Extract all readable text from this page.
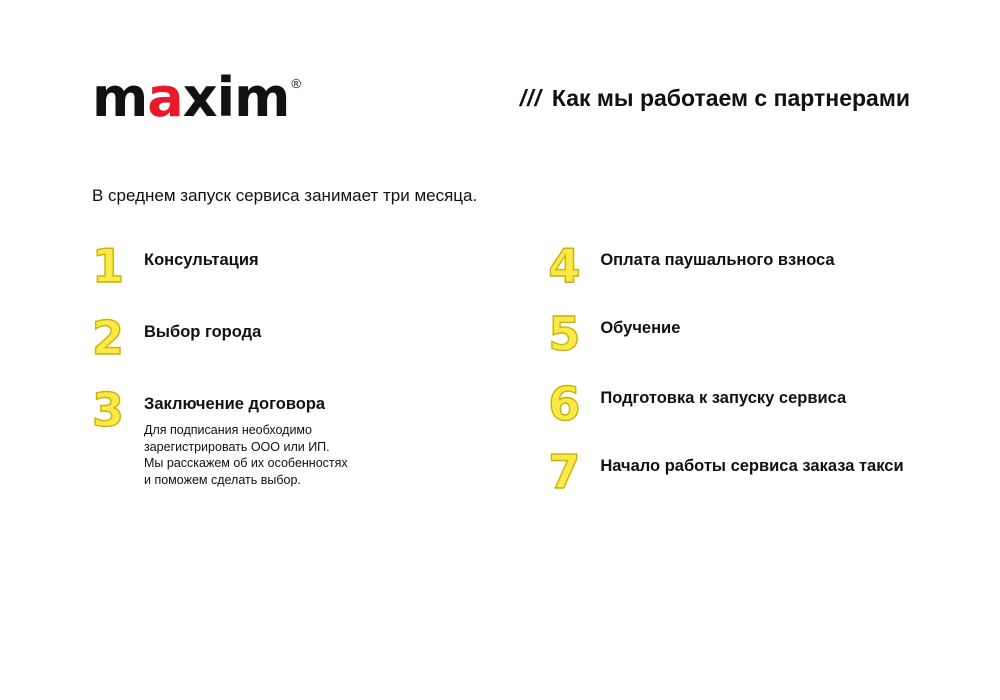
maxim ®
/// Как мы работаем с партнерами
В среднем запуск сервиса занимает три месяца.
1	Консультация
2	Выбор города
3	Заключение договора
Для подписания необходимо
зарегистрировать ООО или ИП.
Мы расскажем об их особенностях
и поможем сделать выбор.
4	Оплата паушального взноса
5	Обучение
6	Подготовка к запуску сервиса
7	Начало работы сервиса заказа такси
